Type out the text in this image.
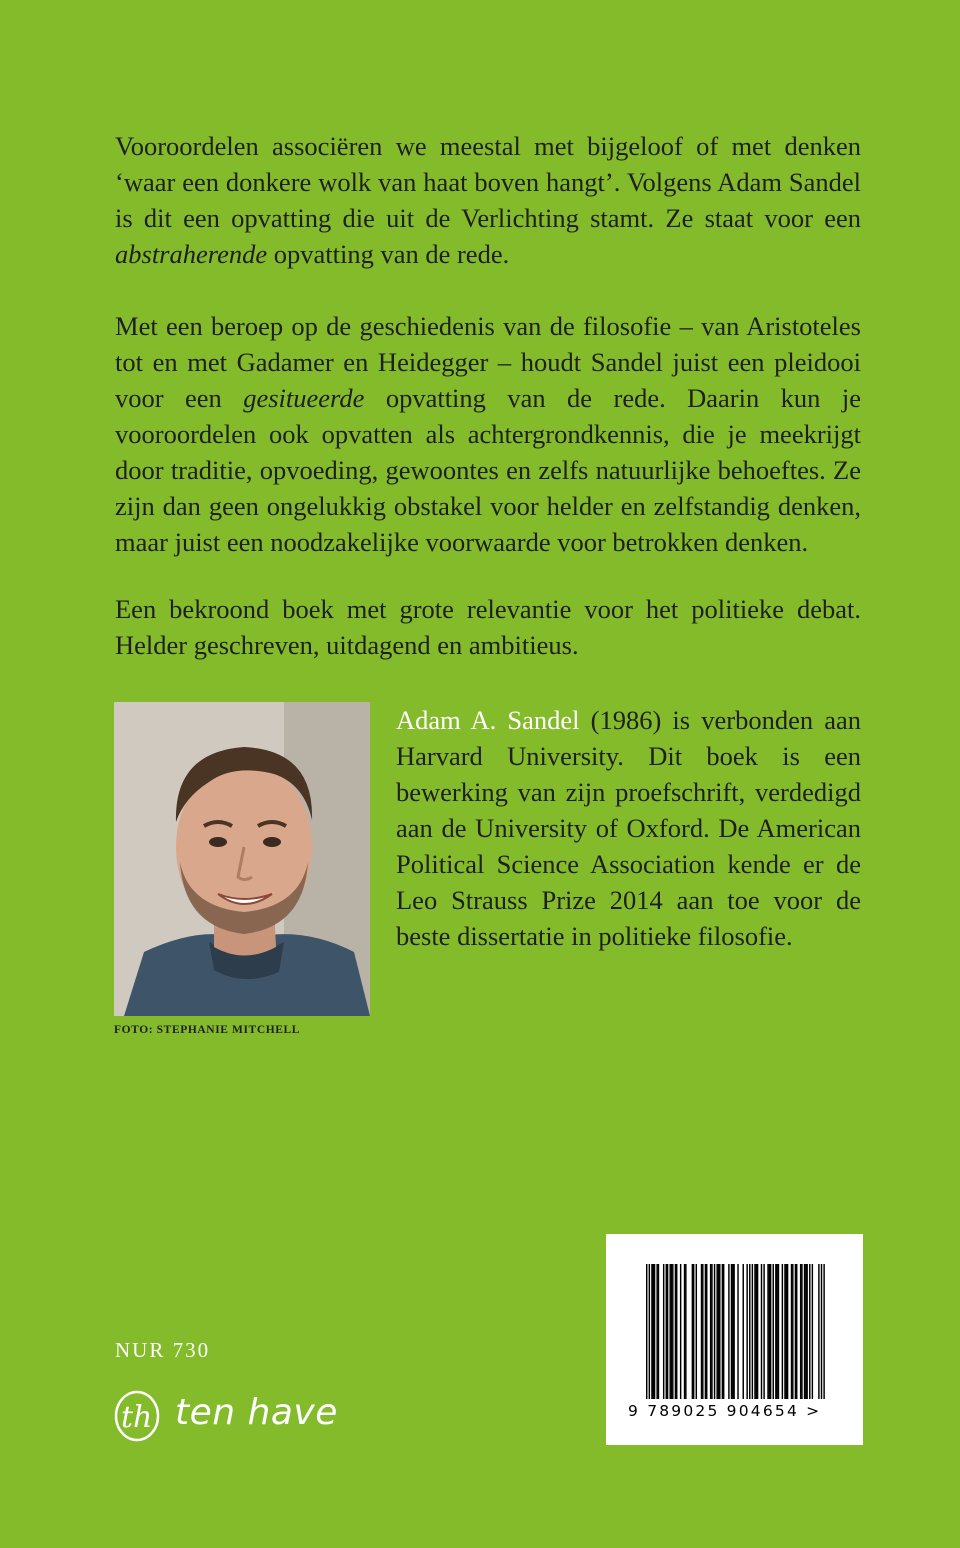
Vooroordelen associëren we meestal met bijgeloof of met denken ‘waar een donkere wolk van haat boven hangt’. Volgens Adam Sandel is dit een opvatting die uit de Verlichting stamt. Ze staat voor een abstraherende opvatting van de rede.

Met een beroep op de geschiedenis van de filosofie – van Aristoteles tot en met Gadamer en Heidegger – houdt Sandel juist een pleidooi voor een gesitueerde opvatting van de rede. Daarin kun je vooroordelen ook opvatten als achtergrondkennis, die je meekrijgt door traditie, opvoeding, gewoontes en zelfs natuurlijke behoeftes. Ze zijn dan geen ongelukkig obstakel voor helder en zelfstandig denken, maar juist een noodzakelijke voorwaarde voor betrokken denken.

Een bekroond boek met grote relevantie voor het politieke debat. Helder geschreven, uitdagend en ambitieus.

FOTO: STEPHANIE MITCHELL

Adam A. Sandel (1986) is verbonden aan Harvard University. Dit boek is een bewerking van zijn proefschrift, verdedigd aan de University of Oxford. De American Political Science Association kende er de Leo Strauss Prize 2014 aan toe voor de beste dissertatie in politieke filosofie.

NUR 730
th ten have	9 789025 904654 >
